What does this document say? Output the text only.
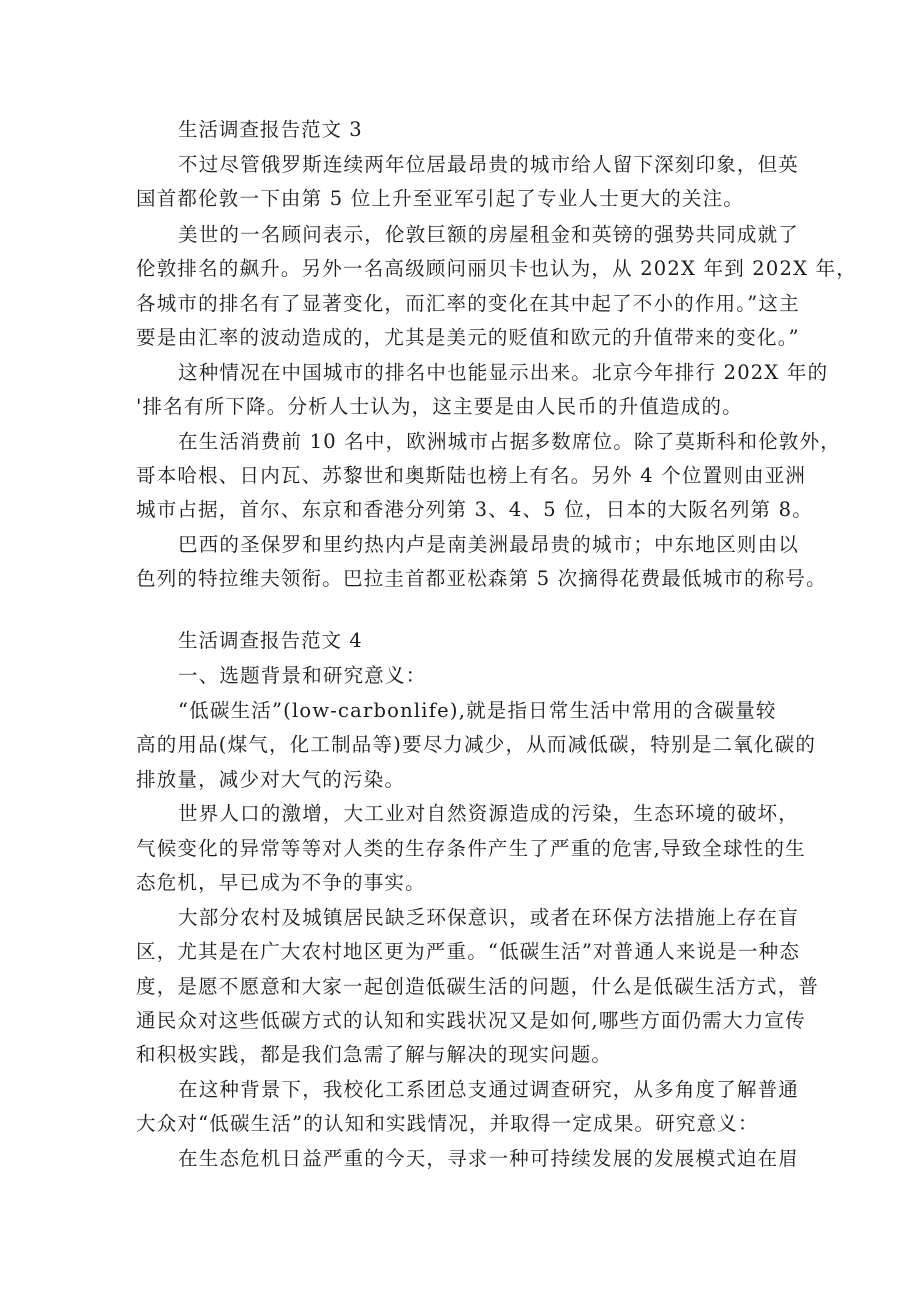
生活调查报告范文 3
不过尽管俄罗斯连续两年位居最昂贵的城市给人留下深刻印象，但英
国首都伦敦一下由第 5 位上升至亚军引起了专业人士更大的关注。
美世的一名顾问表示，伦敦巨额的房屋租金和英镑的强势共同成就了
伦敦排名的飙升。另外一名高级顾问丽贝卡也认为，从 202X 年到 202X 年，
各城市的排名有了显著变化，而汇率的变化在其中起了不小的作用。”这主
要是由汇率的波动造成的，尤其是美元的贬值和欧元的升值带来的变化。”
这种情况在中国城市的排名中也能显示出来。北京今年排行 202X 年的
'排名有所下降。分析人士认为，这主要是由人民币的升值造成的。
在生活消费前 10 名中，欧洲城市占据多数席位。除了莫斯科和伦敦外，
哥本哈根、日内瓦、苏黎世和奥斯陆也榜上有名。另外 4 个位置则由亚洲
城市占据，首尔、东京和香港分列第 3、4、5 位，日本的大阪名列第 8。
巴西的圣保罗和里约热内卢是南美洲最昂贵的城市；中东地区则由以
色列的特拉维夫领衔。巴拉圭首都亚松森第 5 次摘得花费最低城市的称号。
生活调查报告范文 4
一、选题背景和研究意义：
“低碳生活”(low-carbonlife),就是指日常生活中常用的含碳量较
高的用品(煤气，化工制品等)要尽力减少，从而减低碳，特别是二氧化碳的
排放量，减少对大气的污染。
世界人口的激增，大工业对自然资源造成的污染，生态环境的破坏，
气候变化的异常等等对人类的生存条件产生了严重的危害,导致全球性的生
态危机，早已成为不争的事实。
大部分农村及城镇居民缺乏环保意识，或者在环保方法措施上存在盲
区，尤其是在广大农村地区更为严重。“低碳生活”对普通人来说是一种态
度，是愿不愿意和大家一起创造低碳生活的问题，什么是低碳生活方式，普
通民众对这些低碳方式的认知和实践状况又是如何,哪些方面仍需大力宣传
和积极实践，都是我们急需了解与解决的现实问题。
在这种背景下，我校化工系团总支通过调查研究，从多角度了解普通
大众对“低碳生活”的认知和实践情况，并取得一定成果。研究意义：
在生态危机日益严重的今天，寻求一种可持续发展的发展模式迫在眉
